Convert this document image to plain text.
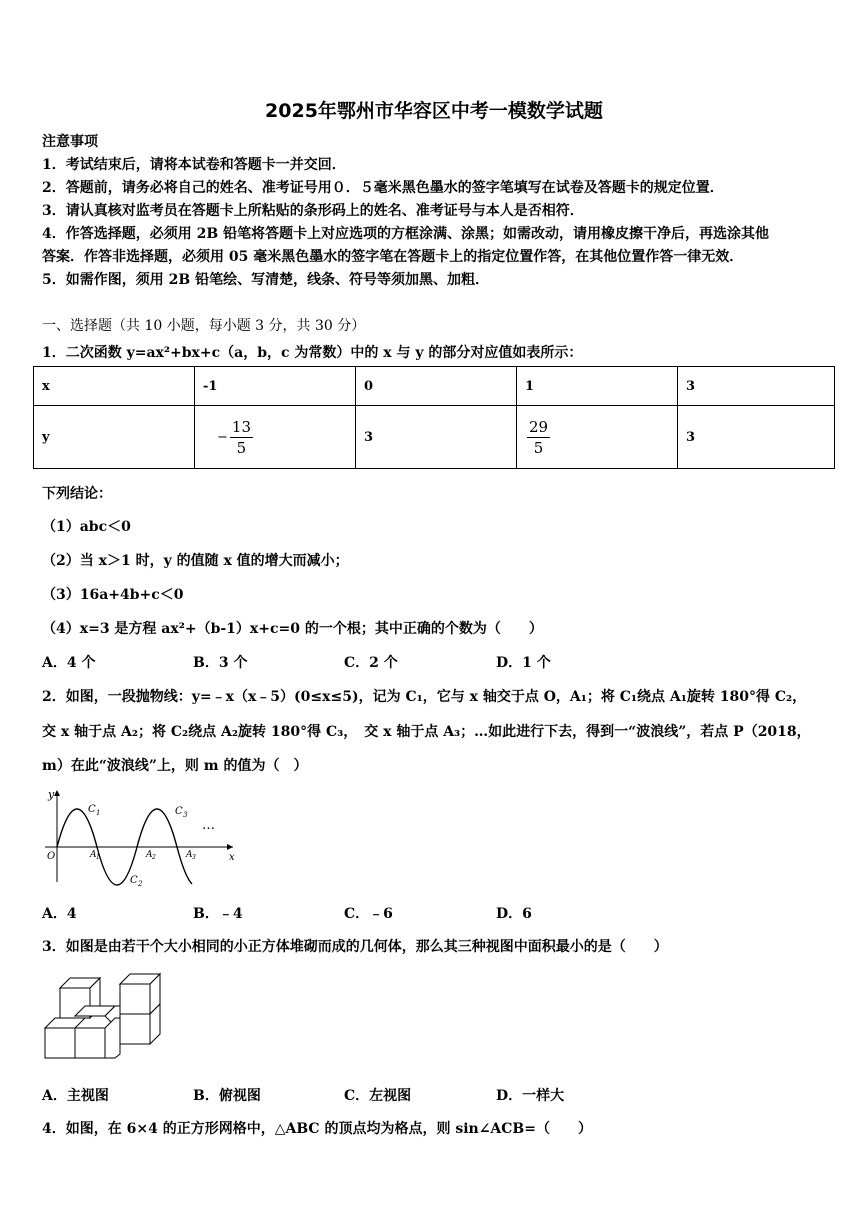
2025年鄂州市华容区中考一模数学试题
注意事项
1．考试结束后，请将本试卷和答题卡一并交回．
2．答题前，请务必将自己的姓名、准考证号用０．５毫米黑色墨水的签字笔填写在试卷及答题卡的规定位置．
3．请认真核对监考员在答题卡上所粘贴的条形码上的姓名、准考证号与本人是否相符．
4．作答选择题，必须用 2B 铅笔将答题卡上对应选项的方框涂满、涂黑；如需改动，请用橡皮擦干净后，再选涂其他
答案．作答非选择题，必须用 05 毫米黑色墨水的签字笔在答题卡上的指定位置作答，在其他位置作答一律无效．
5．如需作图，须用 2B 铅笔绘、写清楚，线条、符号等须加黑、加粗．
一、选择题（共 10 小题，每小题 3 分，共 30 分）
1．二次函数 y=ax²+bx+c（a，b，c 为常数）中的 x 与 y 的部分对应值如表所示：
x	-1	0	1	3
y	− $\frac{13}{5}$	3	$\frac{29}{5}$	3
下列结论：
（1）abc＜0
（2）当 x＞1 时，y 的值随 x 值的增大而减小；
（3）16a+4b+c＜0
（4）x=3 是方程 ax²+（b-1）x+c=0 的一个根；其中正确的个数为（　　）
A．4 个	B．3 个	C．2 个	D．1 个
2．如图，一段抛物线：y=﹣x（x﹣5）(0≤x≤5)，记为 C₁，它与 x 轴交于点 O，A₁；将 C₁绕点 A₁旋转 180°得 C₂，
交 x 轴于点 A₂；将 C₂绕点 A₂旋转 180°得 C₃，　交 x 轴于点 A₃；…如此进行下去，得到一“波浪线”，若点 P（2018，
m）在此“波浪线”上，则 m 的值为（　）
y
x
O
C 1
C 2
C 3
A 1	A 2	A 3
…
A．4	B．﹣4	C．﹣6	D．6
3．如图是由若干个大小相同的小正方体堆砌而成的几何体，那么其三种视图中面积最小的是（　　）
A．主视图	B．俯视图	C．左视图	D．一样大
4．如图，在 6×4 的正方形网格中，△ABC 的顶点均为格点，则 sin∠ACB=（　　）
